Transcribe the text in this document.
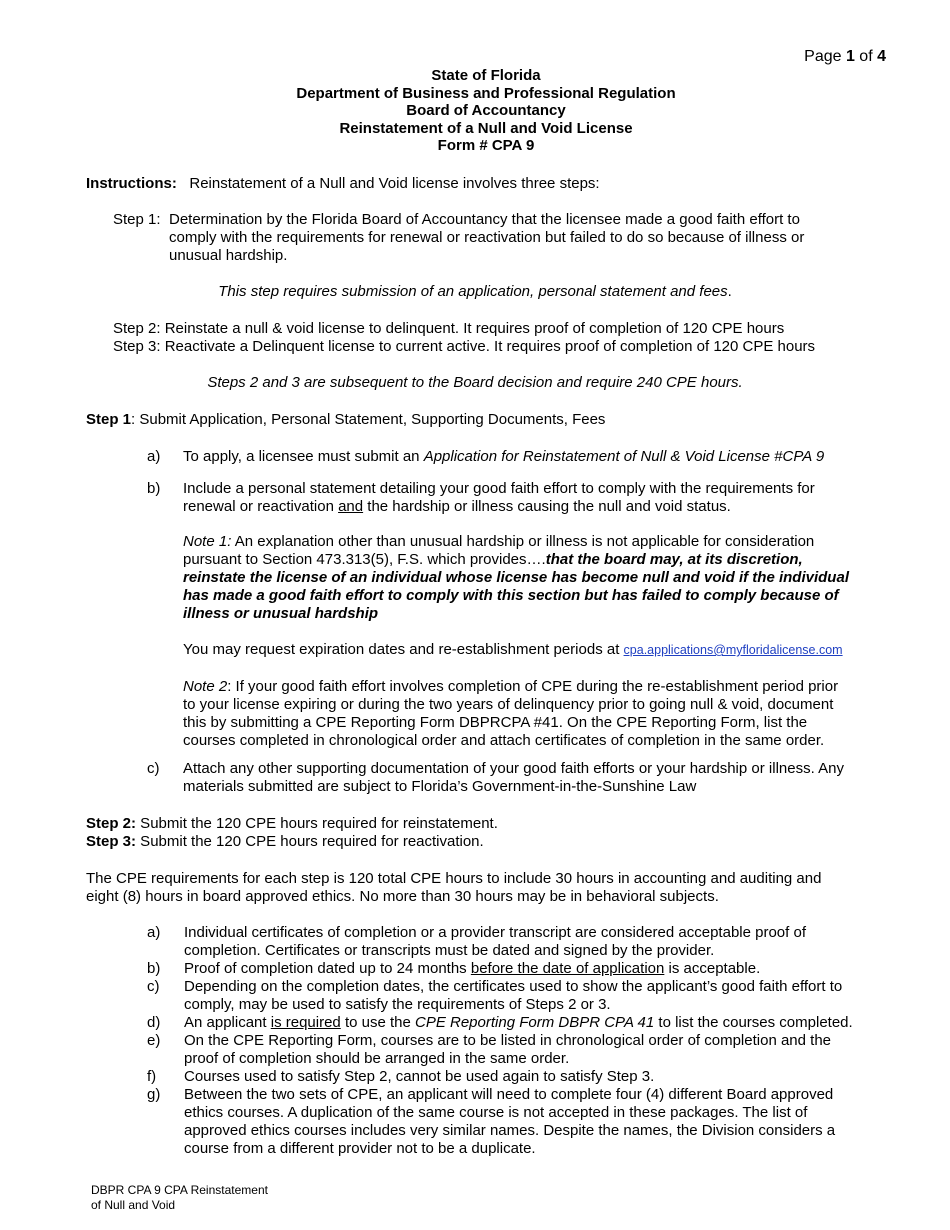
Page 1 of 4
State of Florida
Department of Business and Professional Regulation
Board of Accountancy
Reinstatement of a Null and Void License
Form # CPA 9
Instructions: Reinstatement of a Null and Void license involves three steps:
Step 1: Determination by the Florida Board of Accountancy that the licensee made a good faith effort to
comply with the requirements for renewal or reactivation but failed to do so because of illness or
unusual hardship.
This step requires submission of an application, personal statement and fees.
Step 2: Reinstate a null & void license to delinquent. It requires proof of completion of 120 CPE hours
Step 3: Reactivate a Delinquent license to current active. It requires proof of completion of 120 CPE hours
Steps 2 and 3 are subsequent to the Board decision and require 240 CPE hours.
Step 1: Submit Application, Personal Statement, Supporting Documents, Fees
a) To apply, a licensee must submit an Application for Reinstatement of Null & Void License #CPA 9
b) Include a personal statement detailing your good faith effort to comply with the requirements for
renewal or reactivation and the hardship or illness causing the null and void status.
Note 1: An explanation other than unusual hardship or illness is not applicable for consideration
pursuant to Section 473.313(5), F.S. which provides….that the board may, at its discretion,
reinstate the license of an individual whose license has become null and void if the individual
has made a good faith effort to comply with this section but has failed to comply because of
illness or unusual hardship
You may request expiration dates and re-establishment periods at cpa.applications@myfloridalicense.com
Note 2: If your good faith effort involves completion of CPE during the re-establishment period prior
to your license expiring or during the two years of delinquency prior to going null & void, document
this by submitting a CPE Reporting Form DBPRCPA #41. On the CPE Reporting Form, list the
courses completed in chronological order and attach certificates of completion in the same order.
c) Attach any other supporting documentation of your good faith efforts or your hardship or illness. Any
materials submitted are subject to Florida’s Government-in-the-Sunshine Law
Step 2: Submit the 120 CPE hours required for reinstatement.
Step 3: Submit the 120 CPE hours required for reactivation.
The CPE requirements for each step is 120 total CPE hours to include 30 hours in accounting and auditing and
eight (8) hours in board approved ethics. No more than 30 hours may be in behavioral subjects.
a) Individual certificates of completion or a provider transcript are considered acceptable proof of
completion. Certificates or transcripts must be dated and signed by the provider.
b) Proof of completion dated up to 24 months before the date of application is acceptable.
c) Depending on the completion dates, the certificates used to show the applicant’s good faith effort to
comply, may be used to satisfy the requirements of Steps 2 or 3.
d) An applicant is required to use the CPE Reporting Form DBPR CPA 41 to list the courses completed.
e) On the CPE Reporting Form, courses are to be listed in chronological order of completion and the
proof of completion should be arranged in the same order.
f) Courses used to satisfy Step 2, cannot be used again to satisfy Step 3.
g) Between the two sets of CPE, an applicant will need to complete four (4) different Board approved
ethics courses. A duplication of the same course is not accepted in these packages. The list of
approved ethics courses includes very similar names. Despite the names, the Division considers a
course from a different provider not to be a duplicate.
DBPR CPA 9 CPA Reinstatement
of Null and Void
